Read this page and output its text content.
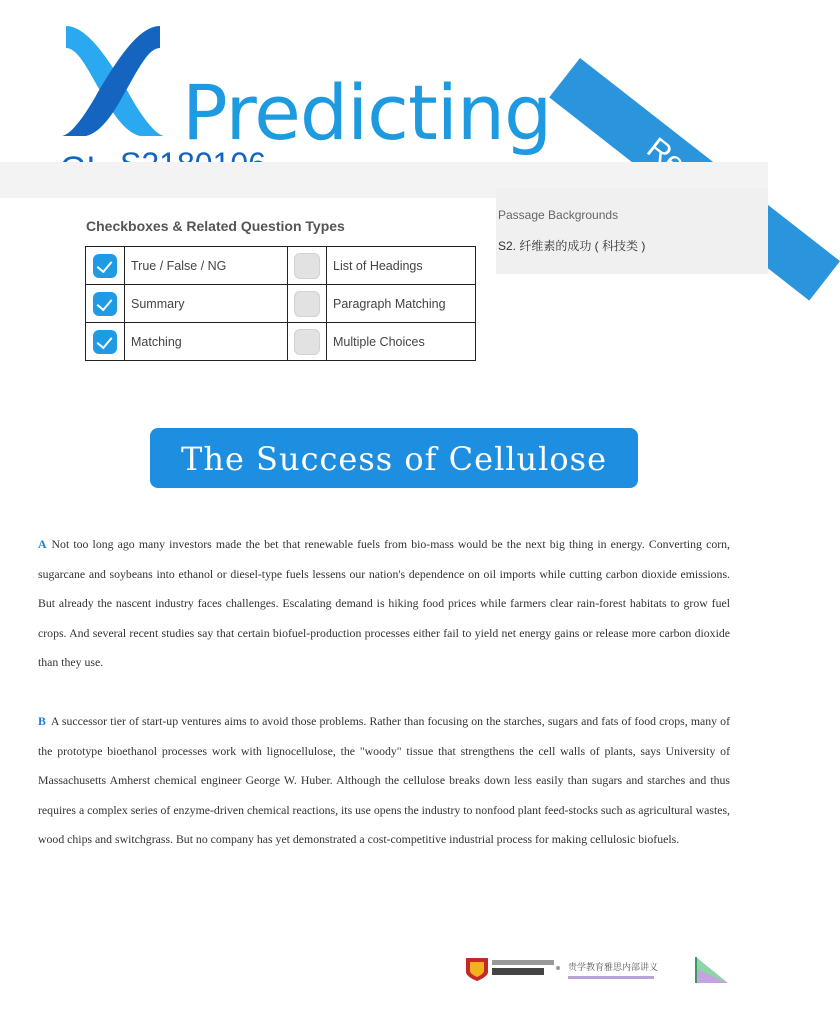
Predicting
Passage Backgrounds
S2. 纤维素的成功 ( 科技类 )
Checkboxes & Related Question Types
	True / False / NG		List of Headings
	Summary		Paragraph Matching
	Matching		Multiple Choices
The Success of Cellulose
A Not too long ago many investors made the bet that renewable fuels from bio-mass would be the next big thing in energy. Converting corn, sugarcane and soybeans into ethanol or diesel-type fuels lessens our nation's dependence on oil imports while cutting carbon dioxide emissions. But already the nascent industry faces challenges. Escalating demand is hiking food prices while farmers clear rain-forest habitats to grow fuel crops. And several recent studies say that certain biofuel-production processes either fail to yield net energy gains or release more carbon dioxide than they use.
B A successor tier of start-up ventures aims to avoid those problems. Rather than focusing on the starches, sugars and fats of food crops, many of the prototype bioethanol processes work with lignocellulose, the "woody" tissue that strengthens the cell walls of plants, says University of Massachusetts Amherst chemical engineer George W. Huber. Although the cellulose breaks down less easily than sugars and starches and thus requires a complex series of enzyme-driven chemical reactions, its use opens the industry to nonfood plant feed-stocks such as agricultural wastes, wood chips and switchgrass. But no company has yet demonstrated a cost-competitive industrial process for making cellulosic biofuels.
贵学教育雅思内部讲义
